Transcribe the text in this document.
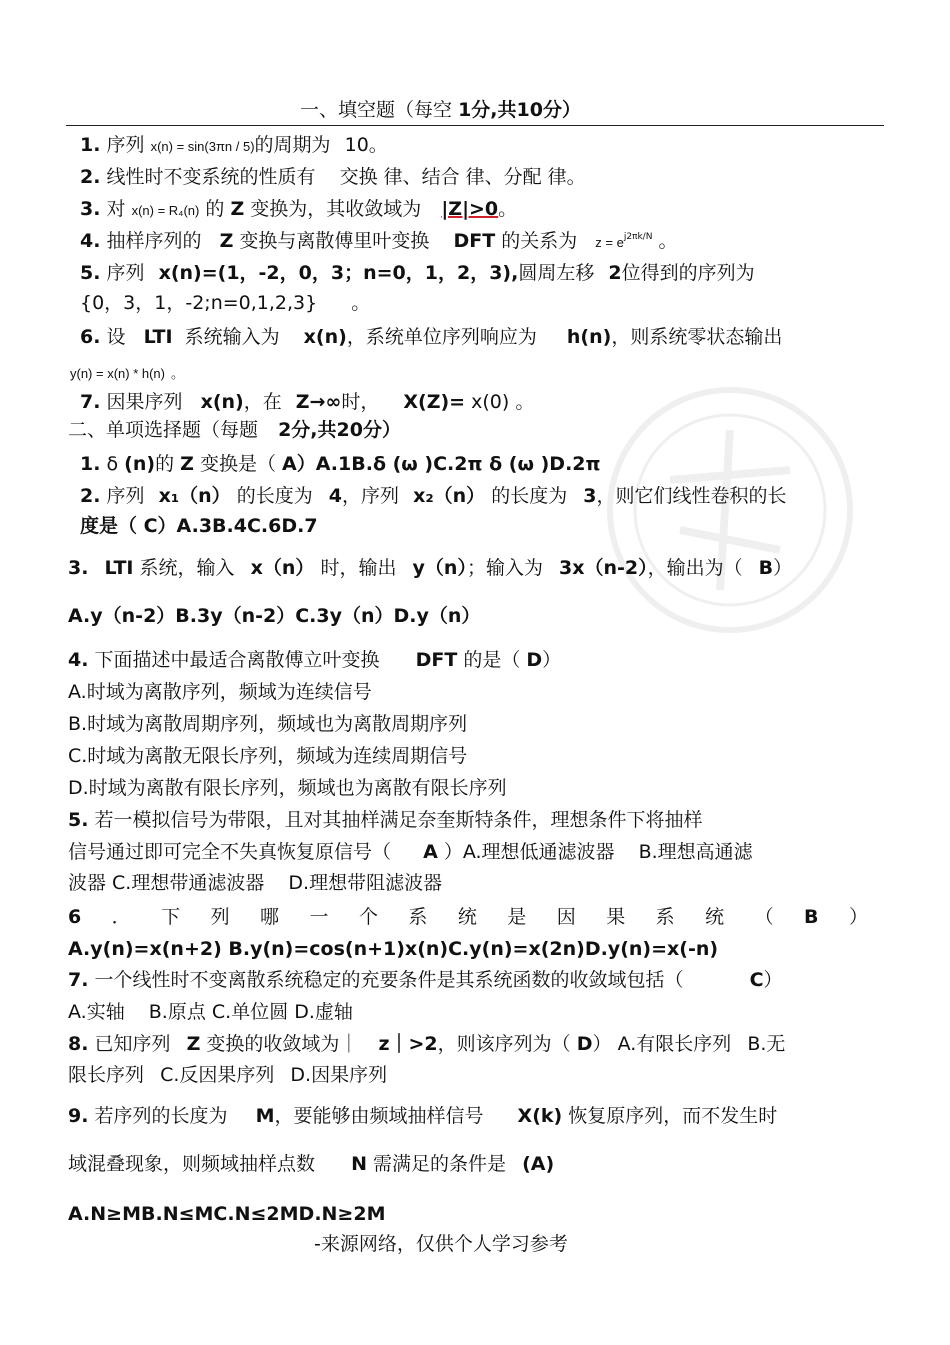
一、填空题（每空 1分,共10分）
1. 序列 x(n) = sin(3πn / 5)的周期为 10。
2. 线性时不变系统的性质有 交换 律、结合 律、分配 律。
3. 对 x(n) = R₄(n) 的 Z 变换为，其收敛域为 |Z|>0。
4. 抽样序列的 Z 变换与离散傅里叶变换 DFT 的关系为 $z = e^{j2\pi k/N}$ 。
5. 序列 x(n)=(1，-2，0，3；n=0，1，2，3),圆周左移 2位得到的序列为
{0，3，1，-2;n=0,1,2,3} 。
6. 设 LTI 系统输入为 x(n)，系统单位序列响应为 h(n)，则系统零状态输出
y(n) = x(n) * h(n) 。
7. 因果序列 x(n)，在 Z→∞时， X(Z)= x(0) 。
二、单项选择题（每题 2分,共20分）
1. δ (n)的 Z 变换是（ A）A.1B.δ (ω )C.2π δ (ω )D.2π
2. 序列 x₁（n） 的长度为 4，序列 x₂（n） 的长度为 3，则它们线性卷积的长
度是（ C）A.3B.4C.6D.7
3. LTI 系统，输入 x（n） 时，输出 y（n）；输入为 3x（n-2），输出为（ B）
A.y（n-2）B.3y（n-2）C.3y（n）D.y（n）
4. 下面描述中最适合离散傅立叶变换 DFT 的是（ D）
A.时域为离散序列，频域为连续信号
B.时域为离散周期序列，频域也为离散周期序列
C.时域为离散无限长序列，频域为连续周期信号
D.时域为离散有限长序列，频域也为离散有限长序列
5. 若一模拟信号为带限，且对其抽样满足奈奎斯特条件，理想条件下将抽样
信号通过即可完全不失真恢复原信号（ A ）A.理想低通滤波器 B.理想高通滤
波器 C.理想带通滤波器 D.理想带阻滤波器
6 ． 下 列 哪 一 个 系 统 是 因 果 系 统 （ B ）
A.y(n)=x(n+2) B.y(n)=cos(n+1)x(n)C.y(n)=x(2n)D.y(n)=x(-n)
7. 一个线性时不变离散系统稳定的充要条件是其系统函数的收敛域包括（	C）
A.实轴 B.原点 C.单位圆 D.虚轴
8. 已知序列 Z 变换的收敛域为｜ z｜>2，则该序列为（ D） A.有限长序列 B.无
限长序列 C.反因果序列 D.因果序列
9. 若序列的长度为 M，要能够由频域抽样信号 X(k) 恢复原序列，而不发生时
域混叠现象，则频域抽样点数 N 需满足的条件是 (A)
A.N≥MB.N≤MC.N≤2MD.N≥2M
-来源网络，仅供个人学习参考
